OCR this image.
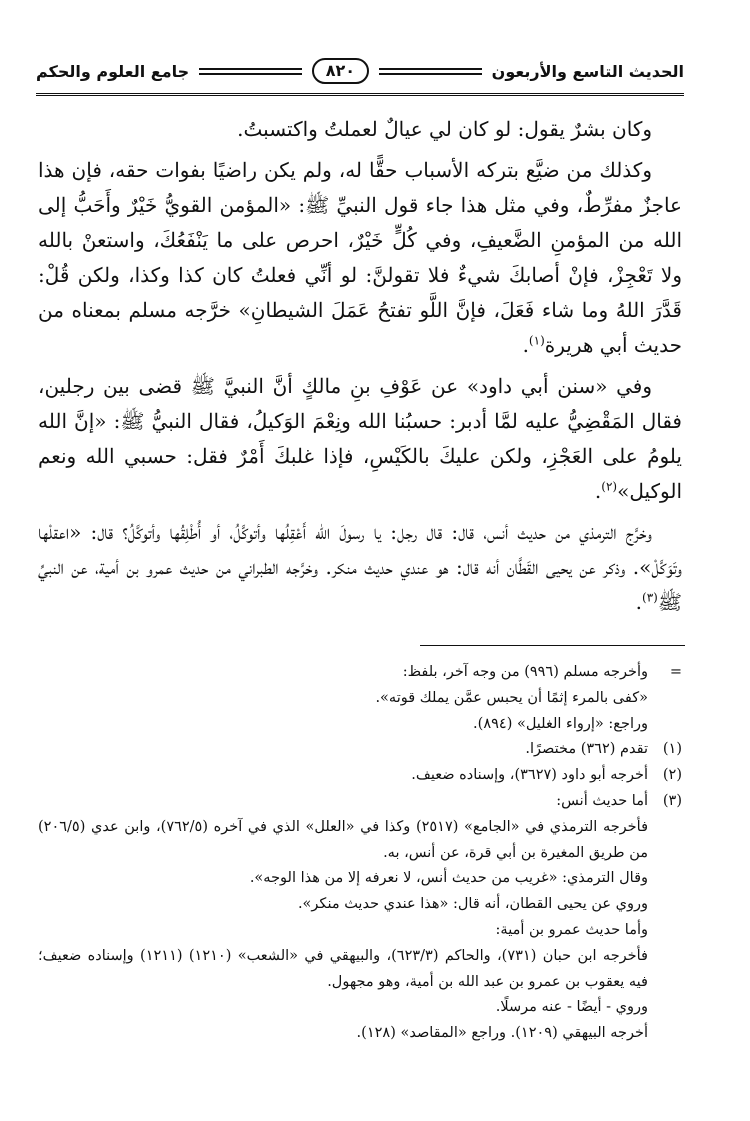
الحديث التاسع والأربعون
٨٢٠
جامع العلوم والحكم

وكان بشرٌ يقول: لو كان لي عيالٌ لعملتُ واكتسبتُ.

وكذلك من ضيَّع بتركه الأسباب حقًّا له، ولم يكن راضيًا بفوات حقه، فإن هذا عاجزٌ مفرِّطٌ، وفي مثل هذا جاء قول النبيِّ ﷺ: «المؤمن القويُّ خَيْرٌ وأَحَبُّ إلى الله من المؤمنِ الضَّعيفِ، وفي كُلٍّ خَيْرٌ، احرص على ما يَنْفَعُكَ، واستعنْ بالله ولا تَعْجِزْ، فإنْ أصابكَ شيءٌ فلا تقولنَّ: لو أنِّي فعلتُ كان كذا وكذا، ولكن قُلْ: قَدَّرَ اللهُ وما شاء فَعَلَ، فإنَّ اللَّو تفتحُ عَمَلَ الشيطانِ» خرَّجه مسلم بمعناه من حديث أبي هريرة$^{(١)}$.

وفي «سنن أبي داود» عن عَوْفِ بنِ مالكٍ أنَّ النبيَّ ﷺ قضى بين رجلين، فقال المَقْضِيُّ عليه لمَّا أدبر: حسبُنا الله ونِعْمَ الوَكيلُ، فقال النبيُّ ﷺ: «إنَّ الله يلومُ على العَجْزِ، ولكن عليكَ بالكَيْسِ، فإذا غلبكَ أَمْرٌ فقل: حسبي الله ونعم الوكيل»$^{(٢)}$.

وخرَّج الترمذي من حديث أنس، قال: قال رجل: يا رسولَ الله أَعْقِلُها وأتوكَّلُ، أو أُطْلِقُها وأتوكَّلُ؟ قال: «اعقلْها وتَوَكَّلْ». وذكر عن يحيى القَطَّان أنه قال: هو عندي حديث منكر. وخرَّجه الطبراني من حديث عمرو بن أمية، عن النبيِّ ﷺ$^{(٣)}$.

=
وأخرجه مسلم (٩٩٦) من وجه آخر، بلفظ:
«كفى بالمرء إثمًا أن يحبس عمَّن يملك قوته».
وراجع: «إرواء الغليل» (٨٩٤).
(١)
تقدم (٣٦٢) مختصرًا.
(٢)
أخرجه أبو داود (٣٦٢٧)، وإسناده ضعيف.
(٣)
أما حديث أنس:
فأخرجه الترمذي في «الجامع» (٢٥١٧) وكذا في «العلل» الذي في آخره (٧٦٢/٥)، وابن عدي (٢٠٦/٥) من طريق المغيرة بن أبي قرة، عن أنس، به.
وقال الترمذي: «غريب من حديث أنس، لا نعرفه إلا من هذا الوجه».
وروي عن يحيى القطان، أنه قال: «هذا عندي حديث منكر».
وأما حديث عمرو بن أمية:
فأخرجه ابن حبان (٧٣١)، والحاكم (٦٢٣/٣)، والبيهقي في «الشعب» (١٢١٠) (١٢١١) وإسناده ضعيف؛ فيه يعقوب بن عمرو بن عبد الله بن أمية، وهو مجهول.
وروي - أيضًا - عنه مرسلًا.
أخرجه البيهقي (١٢٠٩). وراجع «المقاصد» (١٢٨).
